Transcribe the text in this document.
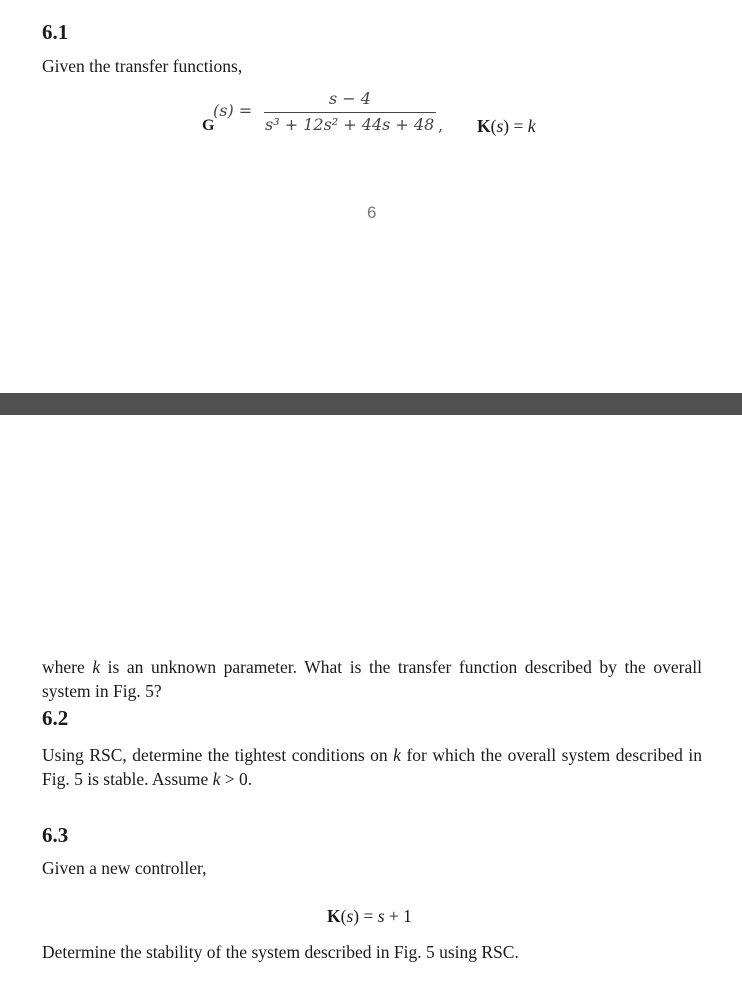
6.1
Given the transfer functions,
G
(s) =
s − 4
s³ + 12s² + 44s + 48 , K(s) = k
6
where k is an unknown parameter. What is the transfer function described by the overall system in Fig. 5?
6.2
Using RSC, determine the tightest conditions on k for which the overall system described in Fig. 5 is stable. Assume k > 0.
6.3
Given a new controller,
K(s) = s + 1
Determine the stability of the system described in Fig. 5 using RSC.
